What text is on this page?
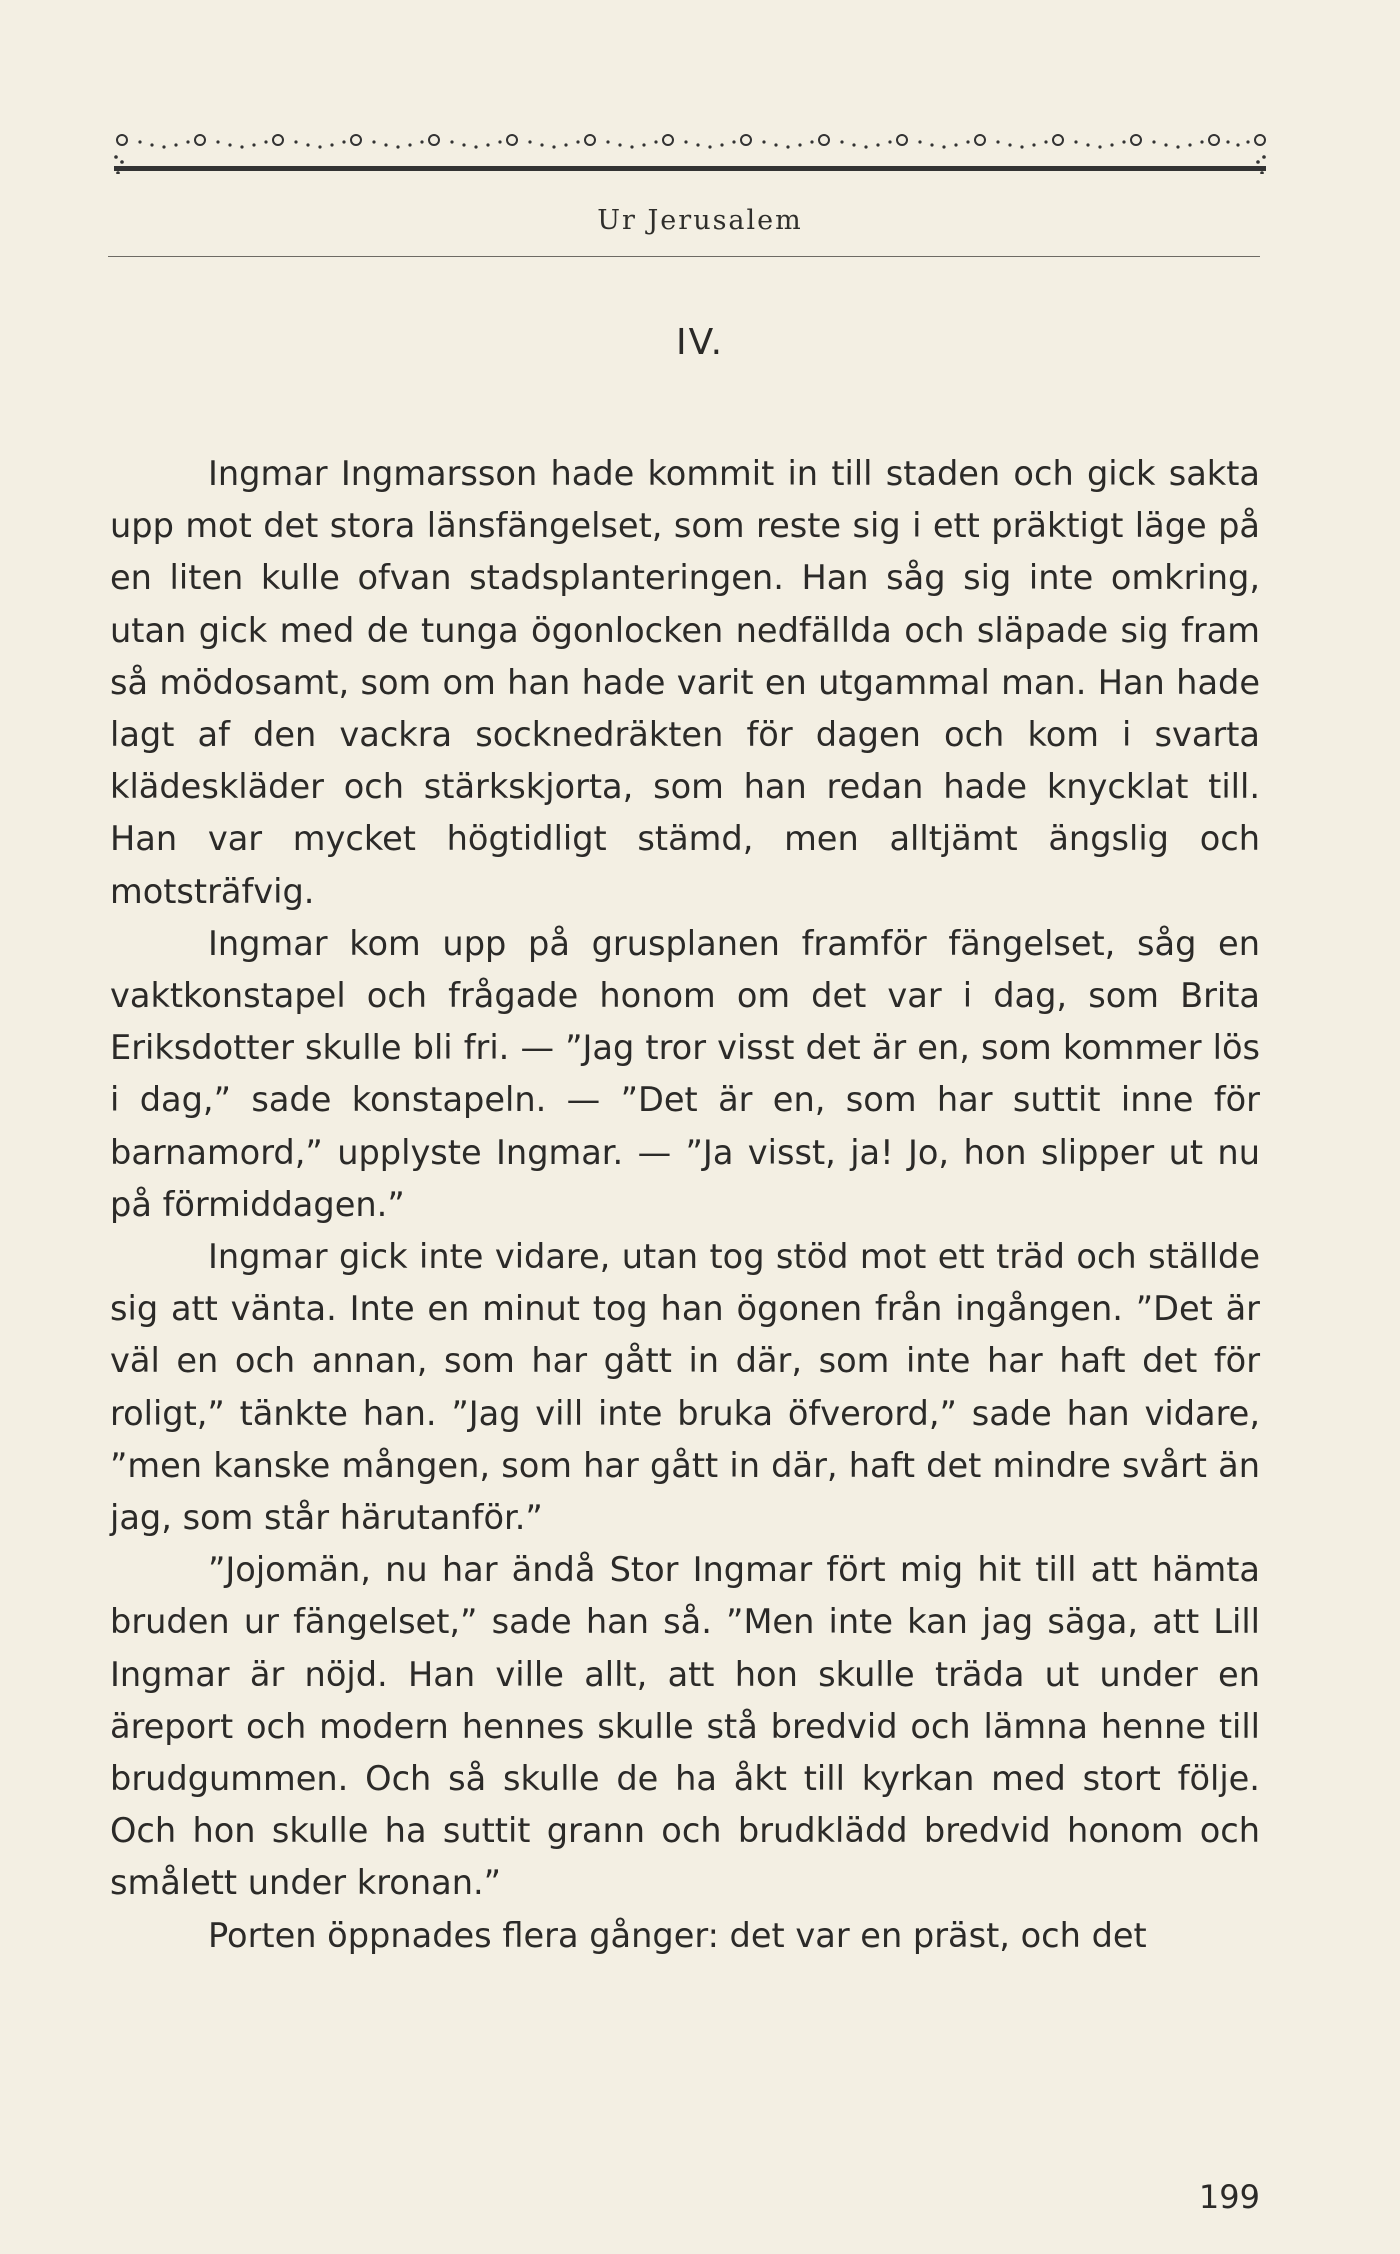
Ur Jerusalem
IV.

Ingmar Ingmarsson hade kommit in till staden och gick sakta upp mot det stora länsfängelset, som reste sig i ett präktigt läge på en liten kulle ofvan stadsplanteringen. Han såg sig inte omkring, utan gick med de tunga ögonlocken nedfällda och släpade sig fram så mödosamt, som om han hade varit en utgammal man. Han hade lagt af den vackra socknedräkten för dagen och kom i svarta klädeskläder och stärkskjorta, som han redan hade knycklat till. Han var mycket högtidligt stämd, men alltjämt ängslig och motsträfvig.

Ingmar kom upp på grusplanen framför fängelset, såg en vaktkonstapel och frågade honom om det var i dag, som Brita Eriksdotter skulle bli fri. — ”Jag tror visst det är en, som kommer lös i dag,” sade konstapeln. — ”Det är en, som har suttit inne för barnamord,” upplyste Ingmar. — ”Ja visst, ja! Jo, hon slipper ut nu på förmiddagen.”

Ingmar gick inte vidare, utan tog stöd mot ett träd och ställde sig att vänta. Inte en minut tog han ögonen från ingången. ”Det är väl en och annan, som har gått in där, som inte har haft det för roligt,” tänkte han. ”Jag vill inte bruka öfverord,” sade han vidare, ”men kanske mången, som har gått in där, haft det mindre svårt än jag, som står härutanför.”

”Jojomän, nu har ändå Stor Ingmar fört mig hit till att hämta bruden ur fängelset,” sade han så. ”Men inte kan jag säga, att Lill Ingmar är nöjd. Han ville allt, att hon skulle träda ut under en äreport och modern hennes skulle stå bredvid och lämna henne till brudgummen. Och så skulle de ha åkt till kyrkan med stort följe. Och hon skulle ha suttit grann och brudklädd bredvid honom och smålett under kronan.”

Porten öppnades flera gånger: det var en präst, och det

199
